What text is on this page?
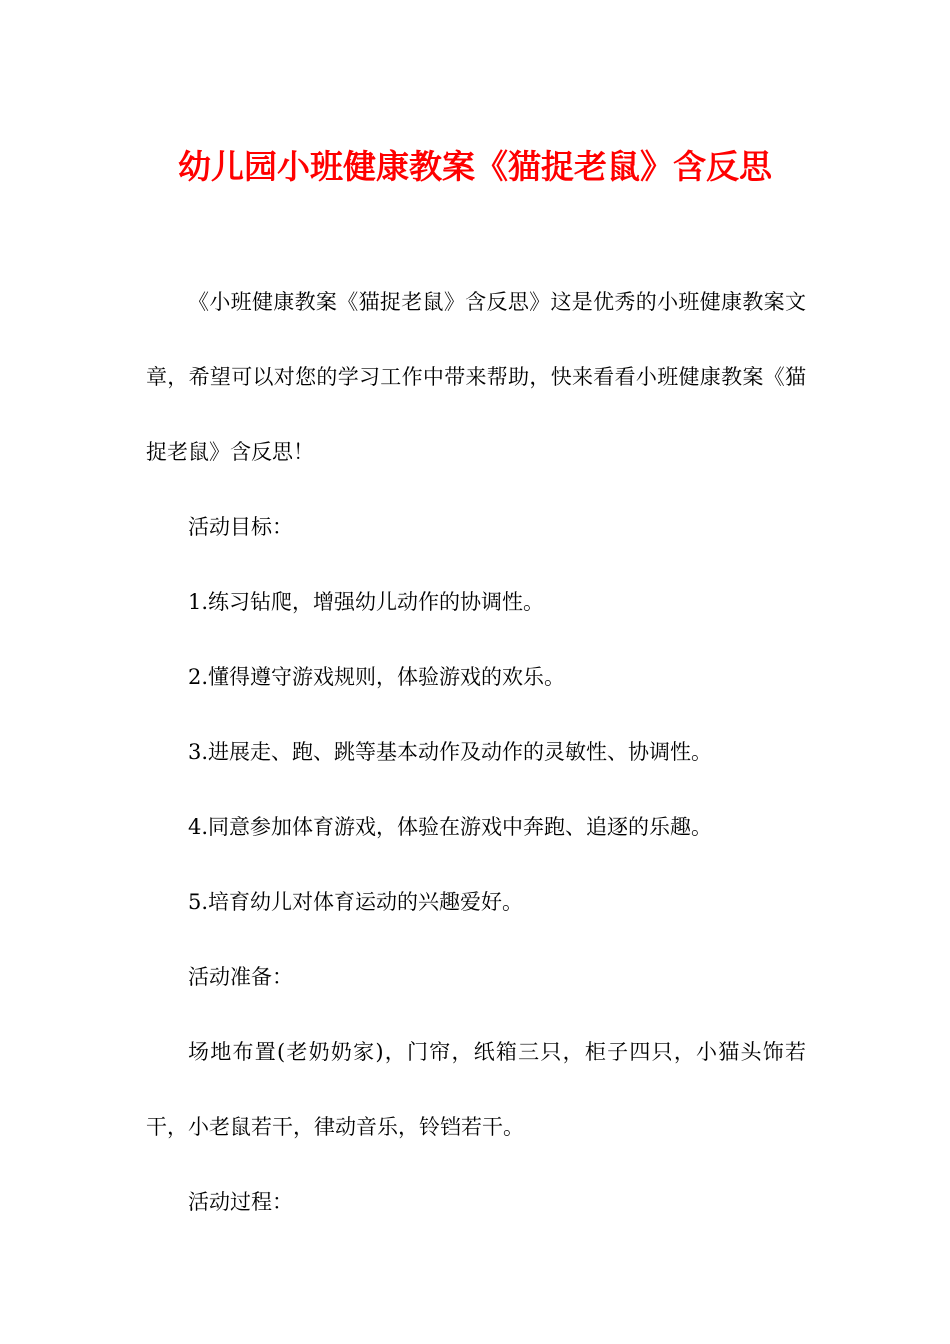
幼儿园小班健康教案《猫捉老鼠》含反思

《小班健康教案《猫捉老鼠》含反思》这是优秀的小班健康教案文章，希望可以对您的学习工作中带来帮助，快来看看小班健康教案《猫捉老鼠》含反思！

活动目标：

1.练习钻爬，增强幼儿动作的协调性。

2.懂得遵守游戏规则，体验游戏的欢乐。

3.进展走、跑、跳等基本动作及动作的灵敏性、协调性。

4.同意参加体育游戏，体验在游戏中奔跑、追逐的乐趣。

5.培育幼儿对体育运动的兴趣爱好。

活动准备：

场地布置(老奶奶家)，门帘，纸箱三只，柜子四只，小猫头饰若干，小老鼠若干，律动音乐，铃铛若干。

活动过程：
